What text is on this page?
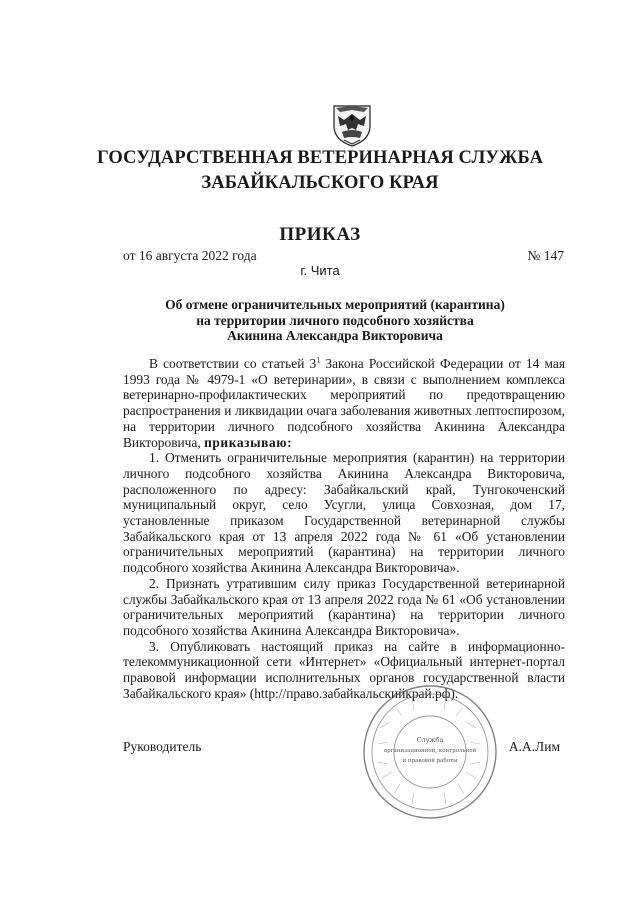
ГОСУДАРСТВЕННАЯ ВЕТЕРИНАРНАЯ СЛУЖБА
ЗАБАЙКАЛЬСКОГО КРАЯ
ПРИКАЗ
от 16 августа 2022 года	№ 147
г. Чита
Об отмене ограничительных мероприятий (карантина)
на территории личного подсобного хозяйства
Акинина Александра Викторовича

В соответствии со статьей $3^1$ Закона Российской Федерации от 14 мая 1993 года № 4979-1 «О ветеринарии», в связи с выполнением комплекса ветеринарно-профилактических мероприятий по предотвращению распространения и ликвидации очага заболевания животных лептоспирозом, на территории личного подсобного хозяйства Акинина Александра Викторовича, приказываю:

1. Отменить ограничительные мероприятия (карантин) на территории личного подсобного хозяйства Акинина Александра Викторовича, расположенного по адресу: Забайкальский край, Тунгокоченский муниципальный округ, село Усугли, улица Совхозная, дом 17, установленные приказом Государственной ветеринарной службы Забайкальского края от 13 апреля 2022 года № 61 «Об установлении ограничительных мероприятий (карантина) на территории личного подсобного хозяйства Акинина Александра Викторовича».

2. Признать утратившим силу приказ Государственной ветеринарной службы Забайкальского края от 13 апреля 2022 года № 61 «Об установлении ограничительных мероприятий (карантина) на территории личного подсобного хозяйства Акинина Александра Викторовича».

3. Опубликовать настоящий приказ на сайте в информационно-телекоммуникационной сети «Интернет» «Официальный интернет-портал правовой информации исполнительных органов государственной власти Забайкальского края» (http://право.забайкальскийкрай.рф).

Руководитель	А.А.Лим
Служба
организационной, контрольной
и правовой работы
